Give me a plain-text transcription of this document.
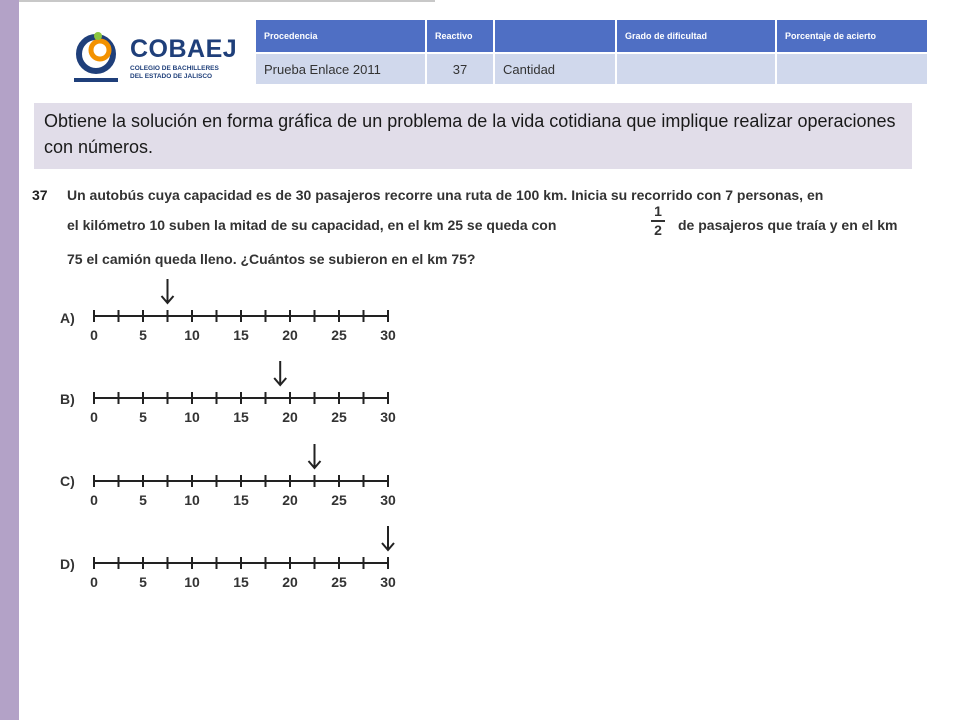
COBAEJ
COLEGIO DE BACHILLERES
DEL ESTADO DE JALISCO
Procedencia	Reactivo		Grado de dificultad	Porcentaje de acierto
Prueba Enlace 2011	37	Cantidad		
Obtiene la solución en forma gráfica de un problema de la vida cotidiana que implique realizar operaciones con números.
37 Un autobús cuya capacidad es de 30 pasajeros recorre una ruta de 100 km. Inicia su recorrido con 7 personas, en
el kilómetro 10 suben la mitad de su capacidad, en el km 25 se queda con
1
2 de pasajeros que traía y en el km
75 el camión queda lleno. ¿Cuántos se subieron en el km 75?
A)
B)
C)
D)
0	5	10 15 20 25 30
0	5	10 15 20 25 30
0	5	10 15 20 25 30
0	5	10 15 20 25 30
